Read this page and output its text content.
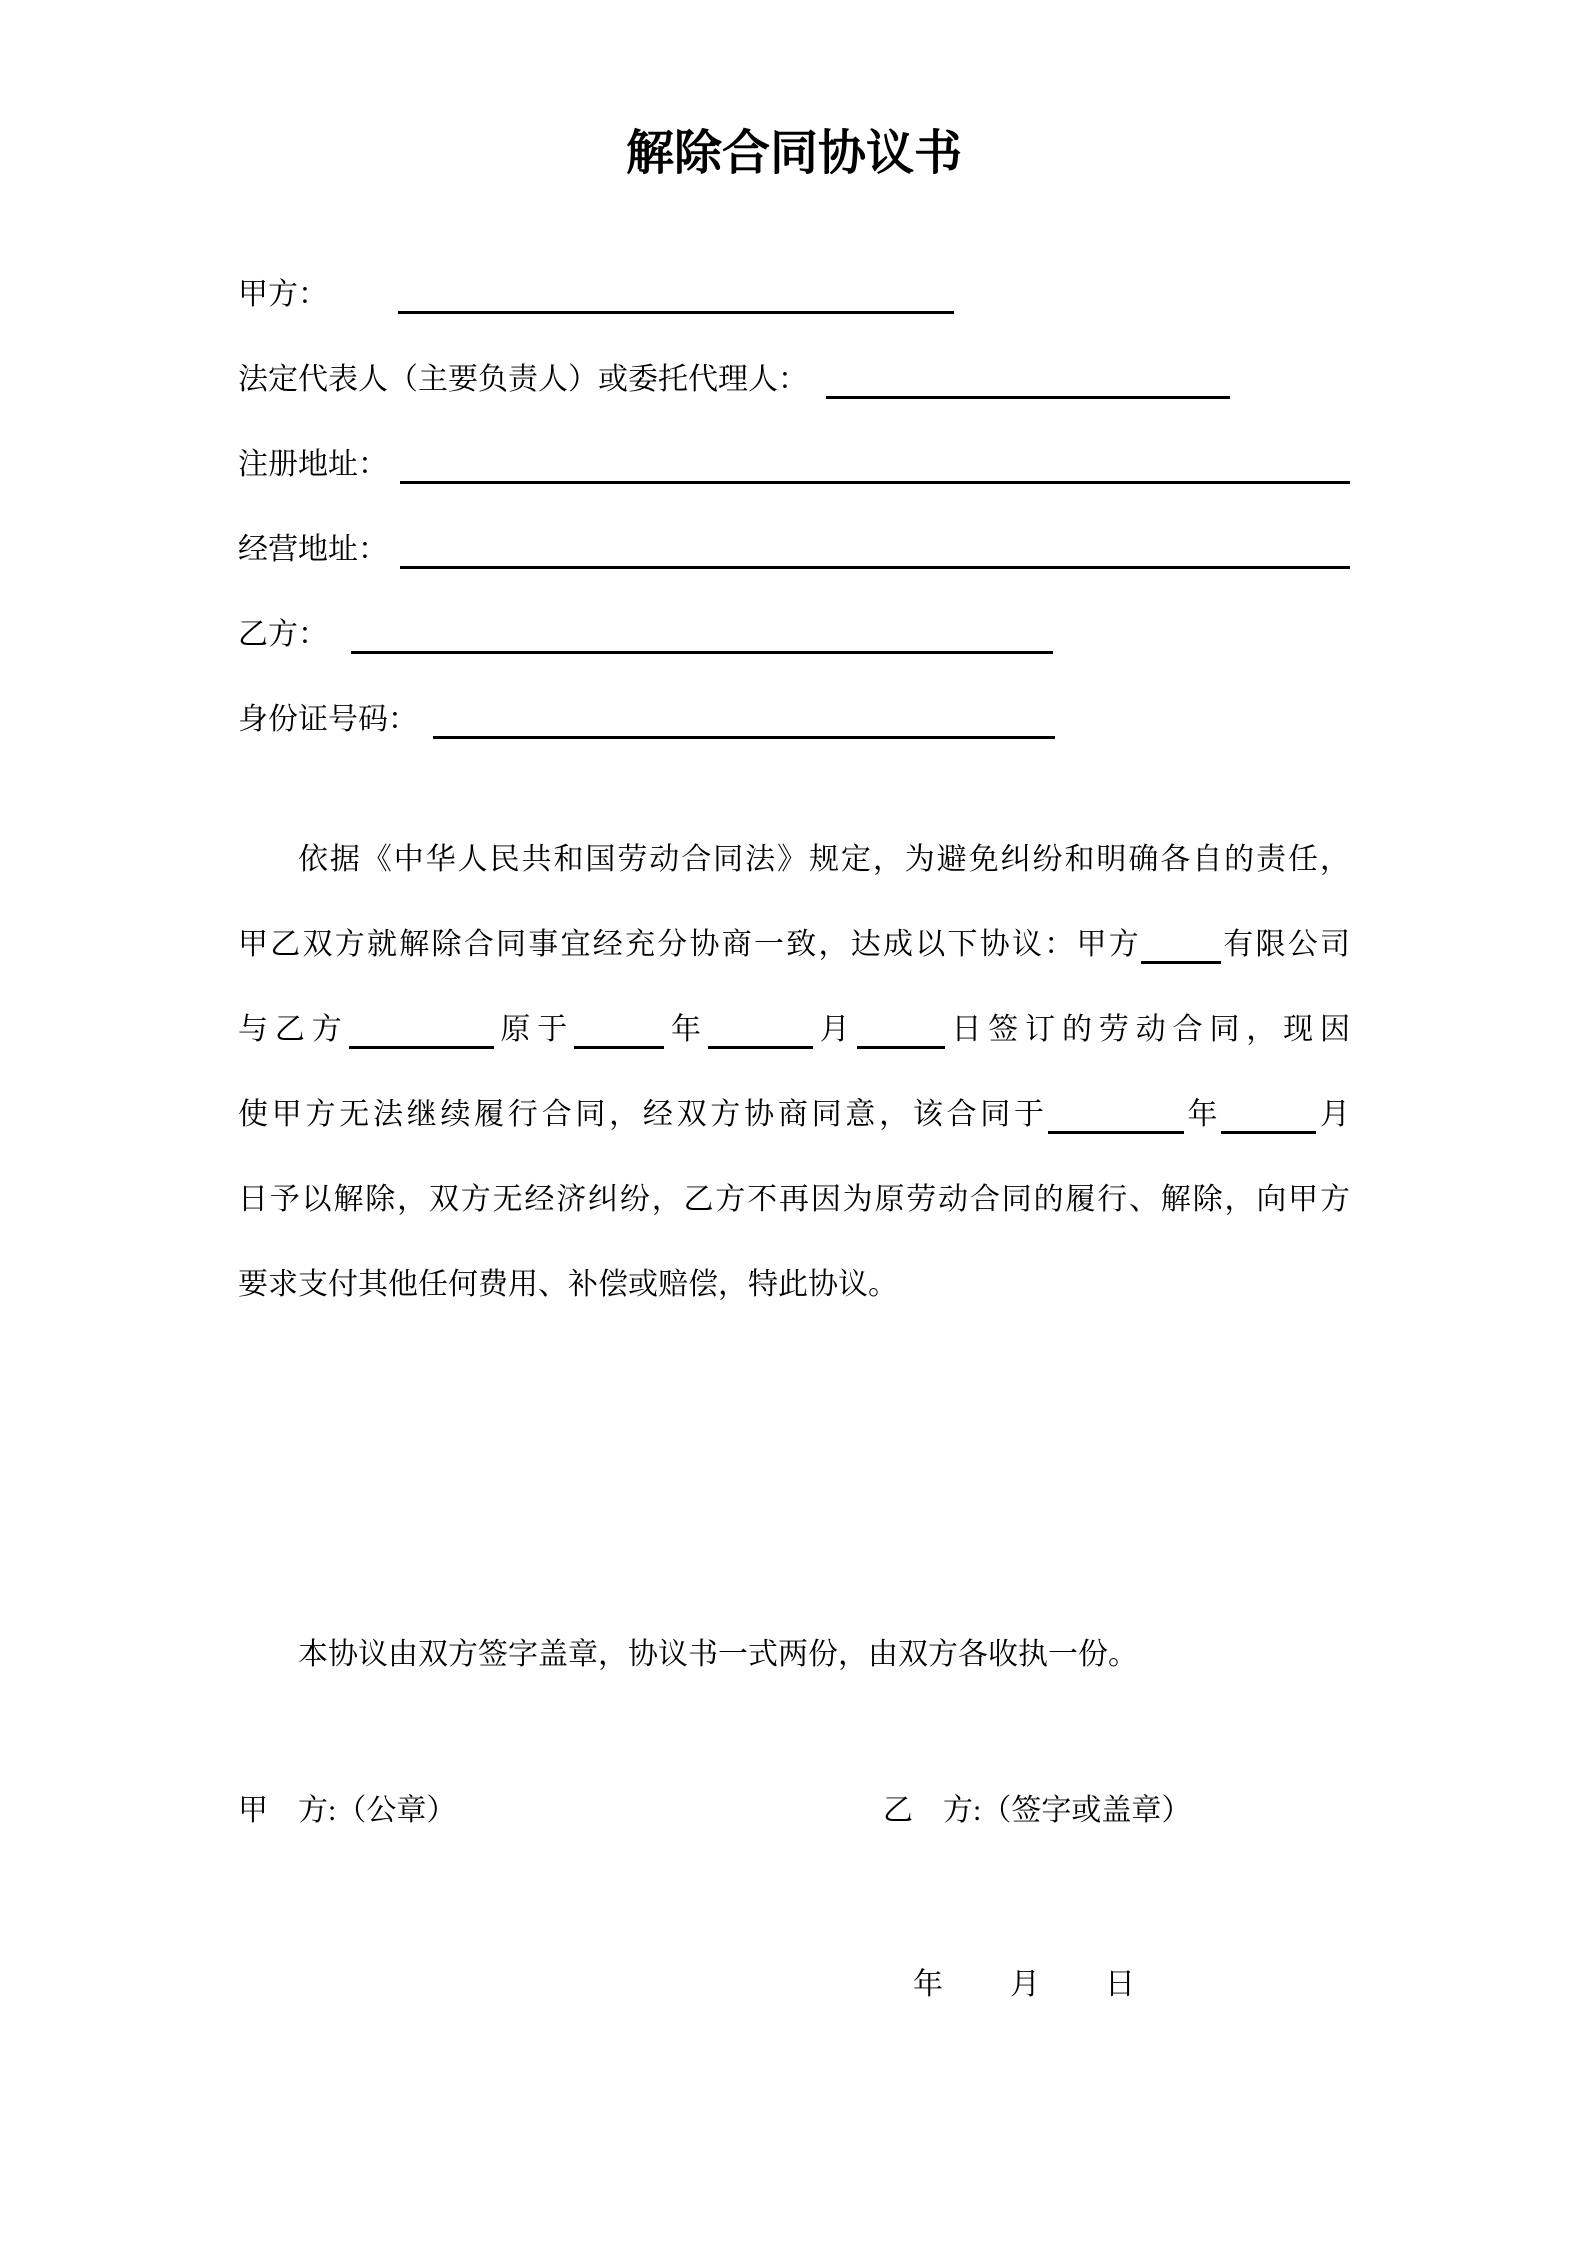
解除合同协议书
甲方：
法定代表人（主要负责人）或委托代理人：
注册地址：
经营地址：
乙方：
身份证号码：
依据《中华人民共和国劳动合同法》规定，为避免纠纷和明确各自的责任，
甲乙双方就解除合同事宜经充分协商一致，达成以下协议：甲方	有限公司
与乙方	原于	年	月	日签订的劳动合同，现因
使甲方无法继续履行合同，经双方协商同意，该合同于	年	月
日予以解除，双方无经济纠纷，乙方不再因为原劳动合同的履行、解除，向甲方
要求支付其他任何费用、补偿或赔偿，特此协议。
本协议由双方签字盖章，协议书一式两份，由双方各收执一份。
甲　方:（公章）	乙　方:（签字或盖章）
年 月 日
